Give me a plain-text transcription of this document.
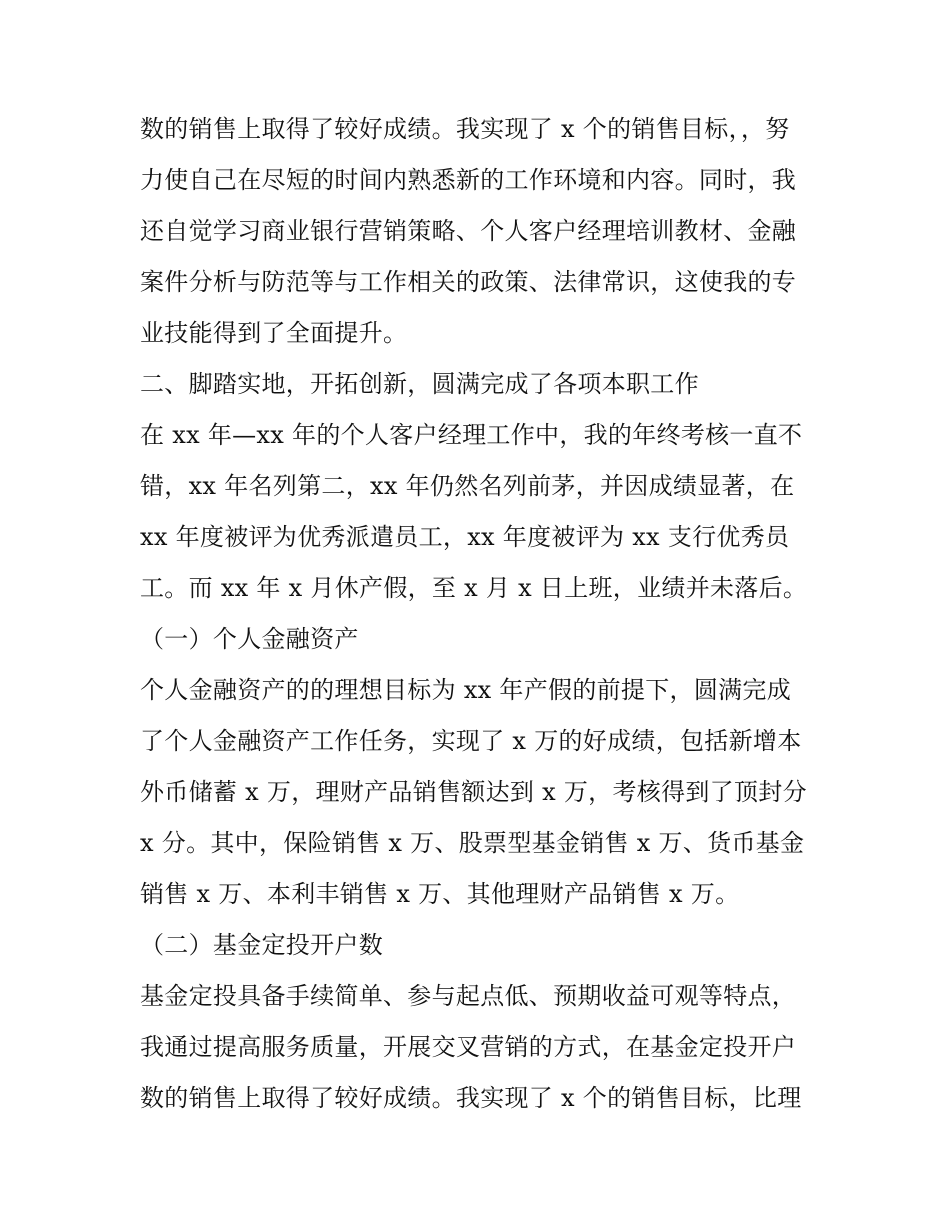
数的销售上取得了较好成绩。我实现了 x 个的销售目标，，努
力使自己在尽短的时间内熟悉新的工作环境和内容。同时，我
还自觉学习商业银行营销策略、个人客户经理培训教材、金融
案件分析与防范等与工作相关的政策、法律常识，这使我的专
业技能得到了全面提升。
二、脚踏实地，开拓创新，圆满完成了各项本职工作
在 xx 年—xx 年的个人客户经理工作中，我的年终考核一直不
错，xx 年名列第二，xx 年仍然名列前茅，并因成绩显著，在
xx 年度被评为优秀派遣员工，xx 年度被评为 xx 支行优秀员
工。而 xx 年 x 月休产假，至 x 月 x 日上班，业绩并未落后。
（一）个人金融资产
个人金融资产的的理想目标为 xx 年产假的前提下，圆满完成
了个人金融资产工作任务，实现了 x 万的好成绩，包括新增本
外币储蓄 x 万，理财产品销售额达到 x 万，考核得到了顶封分
x 分。其中，保险销售 x 万、股票型基金销售 x 万、货币基金
销售 x 万、本利丰销售 x 万、其他理财产品销售 x 万。
（二）基金定投开户数
基金定投具备手续简单、参与起点低、预期收益可观等特点，
我通过提高服务质量，开展交叉营销的方式，在基金定投开户
数的销售上取得了较好成绩。我实现了 x 个的销售目标，比理
